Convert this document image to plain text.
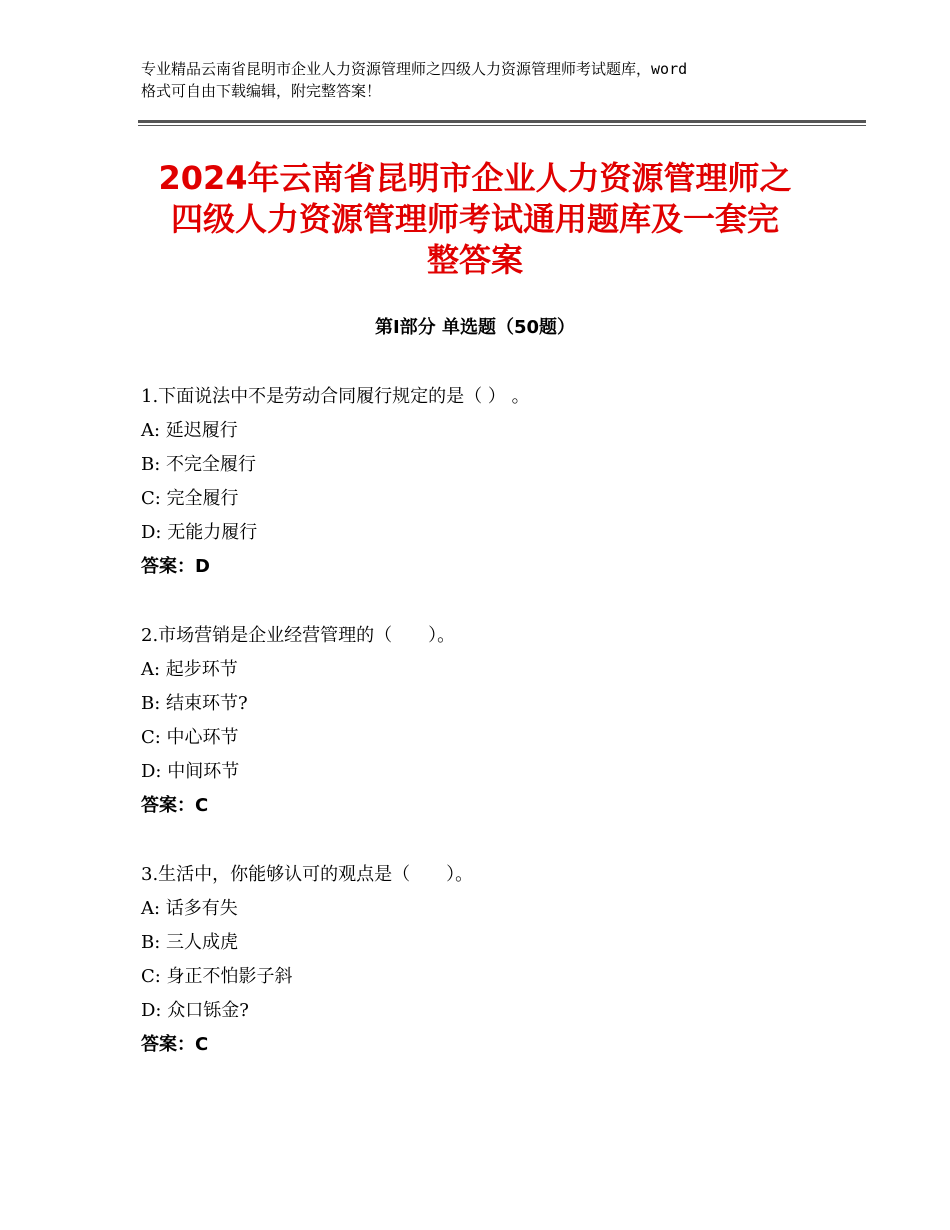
专业精品云南省昆明市企业人力资源管理师之四级人力资源管理师考试题库，word
格式可自由下载编辑，附完整答案！
2024年云南省昆明市企业人力资源管理师之
四级人力资源管理师考试通用题库及一套完
整答案
第Ⅰ部分 单选题（50题）
1.下面说法中不是劳动合同履行规定的是（ ） 。
A: 延迟履行
B: 不完全履行
C: 完全履行
D: 无能力履行
答案：D
2.市场营销是企业经营管理的（　　）。
A: 起步环节
B: 结束环节?
C: 中心环节
D: 中间环节
答案：C
3.生活中，你能够认可的观点是（　　）。
A: 话多有失
B: 三人成虎
C: 身正不怕影子斜
D: 众口铄金?
答案：C
